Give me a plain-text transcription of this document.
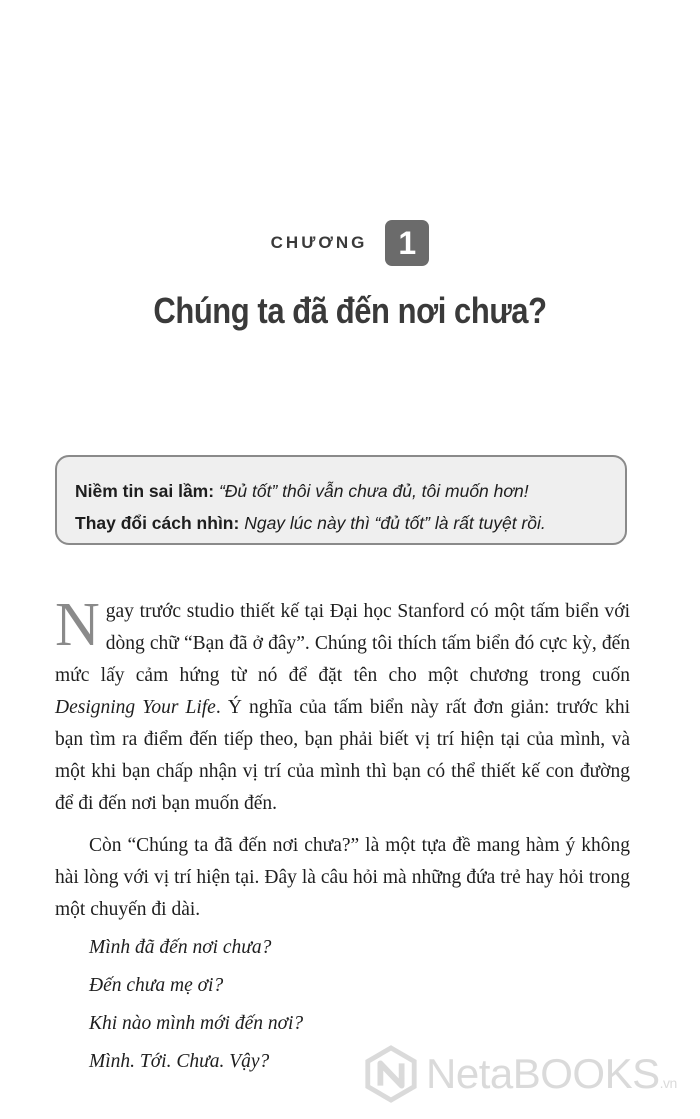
CHƯƠNG 1
Chúng ta đã đến nơi chưa?
Niềm tin sai lầm: “Đủ tốt” thôi vẫn chưa đủ, tôi muốn hơn!
Thay đổi cách nhìn: Ngay lúc này thì “đủ tốt” là rất tuyệt rồi.

Ngay trước studio thiết kế tại Đại học Stanford có một tấm biển với dòng chữ “Bạn đã ở đây”. Chúng tôi thích tấm biển đó cực kỳ, đến mức lấy cảm hứng từ nó để đặt tên cho một chương trong cuốn Designing Your Life. Ý nghĩa của tấm biển này rất đơn giản: trước khi bạn tìm ra điểm đến tiếp theo, bạn phải biết vị trí hiện tại của mình, và một khi bạn chấp nhận vị trí của mình thì bạn có thể thiết kế con đường để đi đến nơi bạn muốn đến.

Còn “Chúng ta đã đến nơi chưa?” là một tựa đề mang hàm ý không hài lòng với vị trí hiện tại. Đây là câu hỏi mà những đứa trẻ hay hỏi trong một chuyến đi dài.

Mình đã đến nơi chưa?

Đến chưa mẹ ơi?

Khi nào mình mới đến nơi?

Mình. Tới. Chưa. Vậy?	NetaBOOKS.vn
